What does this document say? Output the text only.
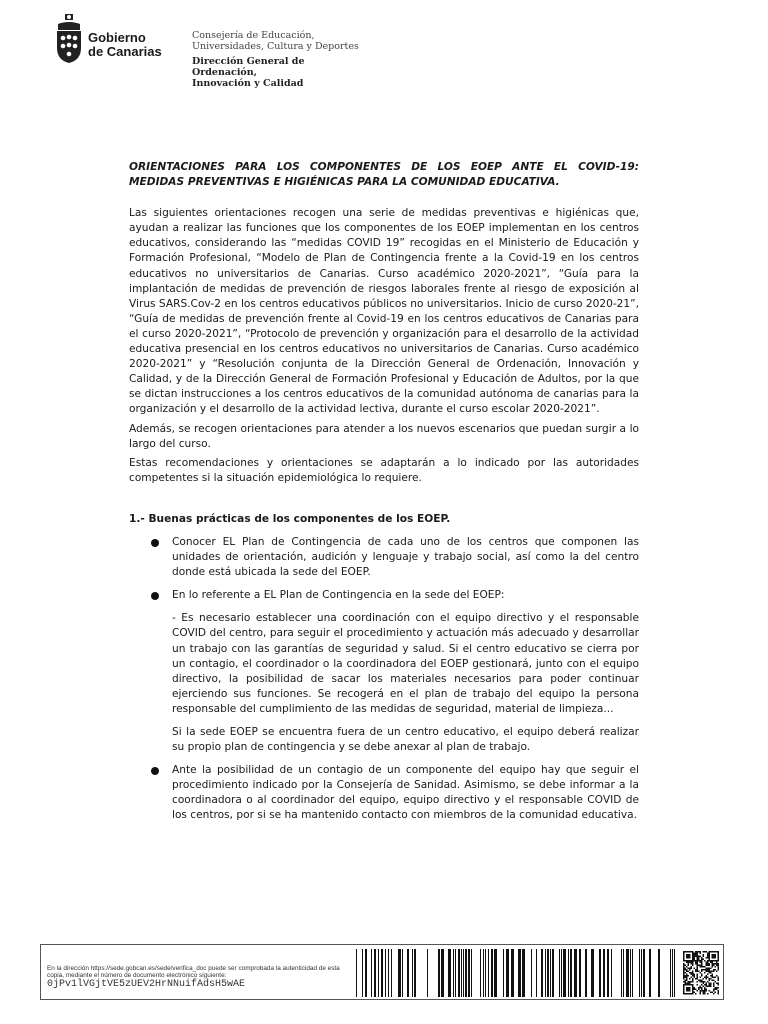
Gobierno
de Canarias
Consejería de Educación,
Universidades, Cultura y Deportes
Dirección General de Ordenación,
Innovación y Calidad

ORIENTACIONES PARA LOS COMPONENTES DE LOS EOEP ANTE EL COVID-19: MEDIDAS PREVENTIVAS E HIGIÉNICAS PARA LA COMUNIDAD EDUCATIVA.

Las siguientes orientaciones recogen una serie de medidas preventivas e higiénicas que, ayudan a realizar las funciones que los componentes de los EOEP implementan en los centros educativos, considerando las “medidas COVID 19” recogidas en el Ministerio de Educación y Formación Profesional, “Modelo de Plan de Contingencia frente a la Covid-19 en los centros educativos no universitarios de Canarias. Curso académico 2020-2021”, “Guía para la implantación de medidas de prevención de riesgos laborales frente al riesgo de exposición al Virus SARS.Cov-2 en los centros educativos públicos no universitarios. Inicio de curso 2020-21”, “Guía de medidas de prevención frente al Covid-19 en los centros educativos de Canarias para el curso 2020-2021”, “Protocolo de prevención y organización para el desarrollo de la actividad educativa presencial en los centros educativos no universitarios de Canarias. Curso académico 2020-2021” y “Resolución conjunta de la Dirección General de Ordenación, Innovación y Calidad, y de la Dirección General de Formación Profesional y Educación de Adultos, por la que se dictan instrucciones a los centros educativos de la comunidad autónoma de canarias para la organización y el desarrollo de la actividad lectiva, durante el curso escolar 2020-2021”.

Además, se recogen orientaciones para atender a los nuevos escenarios que puedan surgir a lo largo del curso.

Estas recomendaciones y orientaciones se adaptarán a lo indicado por las autoridades competentes si la situación epidemiológica lo requiere.

1.- Buenas prácticas de los componentes de los EOEP.

Conocer EL Plan de Contingencia de cada uno de los centros que componen las unidades de orientación, audición y lenguaje y trabajo social, así como la del centro donde está ubicada la sede del EOEP.
En lo referente a EL Plan de Contingencia en la sede del EOEP:

- Es necesario establecer una coordinación con el equipo directivo y el responsable COVID del centro, para seguir el procedimiento y actuación más adecuado y desarrollar un trabajo con las garantías de seguridad y salud. Si el centro educativo se cierra por un contagio, el coordinador o la coordinadora del EOEP gestionará, junto con el equipo directivo, la posibilidad de sacar los materiales necesarios para poder continuar ejerciendo sus funciones. Se recogerá en el plan de trabajo del equipo la persona responsable del cumplimiento de las medidas de seguridad, material de limpieza...

Si la sede EOEP se encuentra fuera de un centro educativo, el equipo deberá realizar su propio plan de contingencia y se debe anexar al plan de trabajo.

Ante la posibilidad de un contagio de un componente del equipo hay que seguir el procedimiento indicado por la Consejería de Sanidad. Asimismo, se debe informar a la coordinadora o al coordinador del equipo, equipo directivo y el responsable COVID de los centros, por si se ha mantenido contacto con miembros de la comunidad educativa.
En la dirección https://sede.gobcan.es/sede/verifica_doc puede ser comprobada la autenticidad de esta copia, mediante el número de documento electrónico siguiente:
0jPv1lVGjtVE5zUEV2HrNNuifAdsH5wAE
